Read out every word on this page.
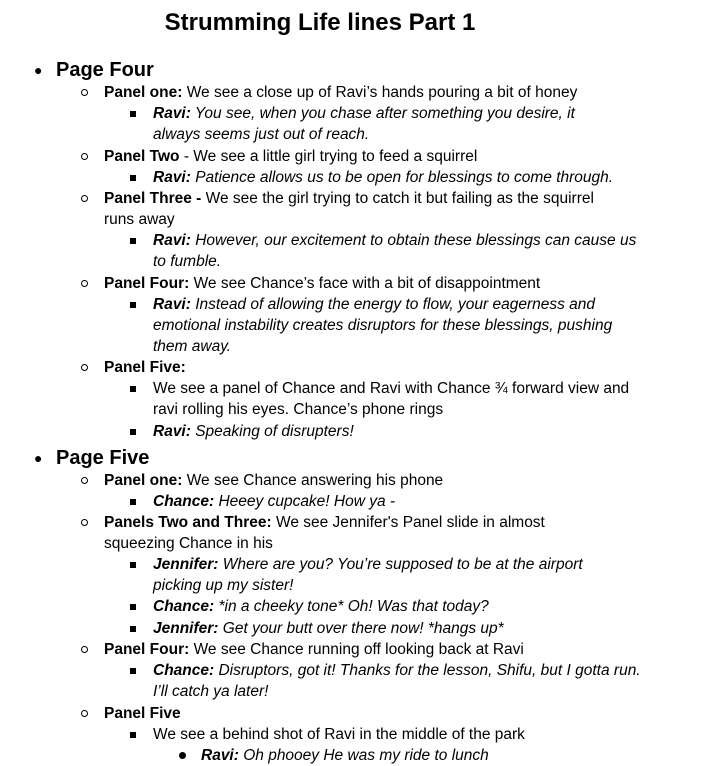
Strumming Life lines Part 1
● Page Four
Panel one: We see a close up of Ravi’s hands pouring a bit of honey
Ravi: You see, when you chase after something you desire, it always seems just out of reach.
Panel Two - We see a little girl trying to feed a squirrel
Ravi: Patience allows us to be open for blessings to come through.
Panel Three - We see the girl trying to catch it but failing as the squirrel runs away
Ravi: However, our excitement to obtain these blessings can cause us to fumble.
Panel Four: We see Chance’s face with a bit of disappointment
Ravi: Instead of allowing the energy to flow, your eagerness and emotional instability creates disruptors for these blessings, pushing them away.
Panel Five:
We see a panel of Chance and Ravi with Chance ¾ forward view and ravi rolling his eyes. Chance’s phone rings
Ravi: Speaking of disrupters!
● Page Five
Panel one: We see Chance answering his phone
Chance: Heeey cupcake! How ya -
Panels Two and Three: We see Jennifer's Panel slide in almost squeezing Chance in his
Jennifer: Where are you? You’re supposed to be at the airport picking up my sister!
Chance: *in a cheeky tone* Oh! Was that today?
Jennifer: Get your butt over there now! *hangs up*
Panel Four: We see Chance running off looking back at Ravi
Chance: Disruptors, got it! Thanks for the lesson, Shifu, but I gotta run. I’ll catch ya later!
Panel Five
We see a behind shot of Ravi in the middle of the park
Ravi: Oh phooey He was my ride to lunch
